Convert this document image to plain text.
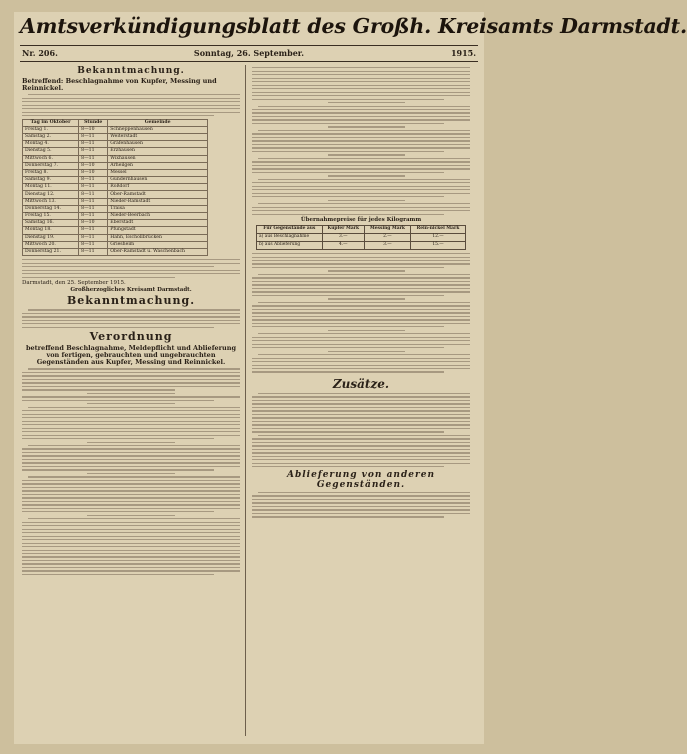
Amtsverkündigungsblatt des Großh. Kreisamts Darmstadt.
Nr. 206.	Sonntag, 26. September.	1915.
Bekanntmachung.
Betreffend: Beschlagnahme von Kupfer, Messing und Reinnickel.
Tag im Oktober	Stunde	Gemeinde
Freitag 1.	8—10	Schneppenhausen
Samstag 2.	8—11	Weiterstadt
Montag 4.	8—11	Gräfenhausen
Dienstag 5.	8—11	Erzhausen
Mittwoch 6.	8—11	Wixhausen
Donnerstag 7.	8—10	Arheilgen
Freitag 8.	8—10	Messel
Samstag 9.	8—11	Gundernhausen
Montag 11.	8—11	Roßdorf
Dienstag 12.	8—11	Ober-Ramstadt
Mittwoch 13.	8—11	Nieder-Ramstadt
Donnerstag 14.	8—11	Traisa
Freitag 15.	8—11	Nieder-Beerbach
Samstag 16.	8—10	Eberstadt
Montag 18.	8—11	Pfungstadt
Dienstag 19.	8—11	Hahn, Eschollbrücken
Mittwoch 20.	8—11	Griesheim
Donnerstag 21.	8—11	Ober-Ramstadt u. Waschenbach
Darmstadt, den 25. September 1915.
Großherzogliches Kreisamt Darmstadt.
Bekanntmachung.
Verordnung
betreffend Beschlagnahme, Meldepflicht und Ablieferung von fertigen, gebrauchten und ungebrauchten Gegenständen aus Kupfer, Messing und Reinnickel.
Übernahmepreise für jedes Kilogramm
Für Gegenstände aus	Kupfer Mark	Messing Mark	Rein-nickel Mark
a) aus Beschlagnahme	3.—	2.—	12.—
b) aus Ablieferung	4.—	3.—	15.—
Zusätze.
Ablieferung von anderen Gegenständen.
